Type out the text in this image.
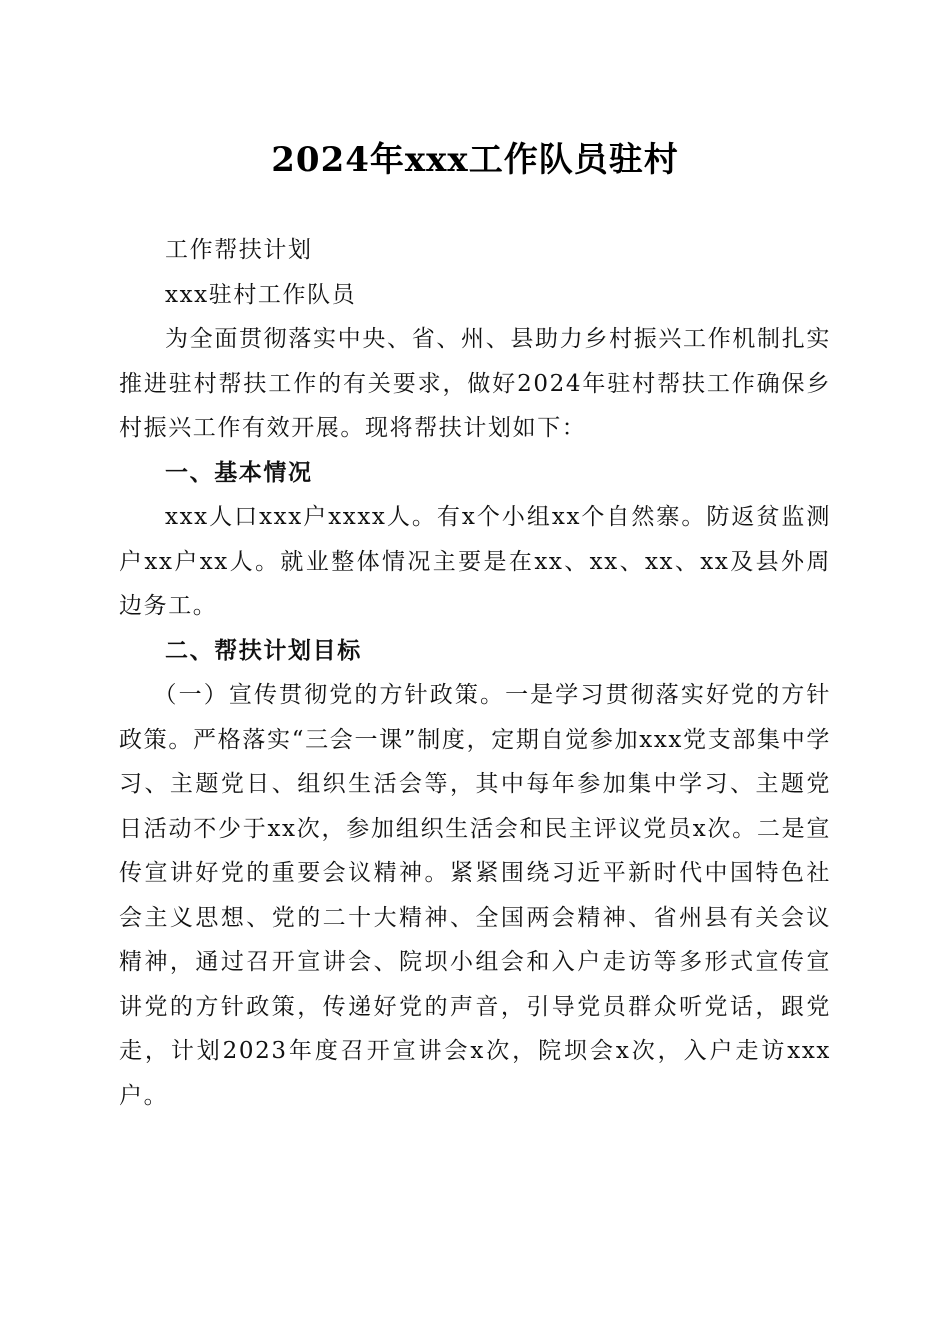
2024年xxx工作队员驻村

工作帮扶计划

xxx驻村工作队员

为全面贯彻落实中央、省、州、县助力乡村振兴工作机制扎实推进驻村帮扶工作的有关要求，做好2024年驻村帮扶工作确保乡村振兴工作有效开展。现将帮扶计划如下：

一、基本情况

xxx人口xxx户xxxx人。有x个小组xx个自然寨。防返贫监测户xx户xx人。就业整体情况主要是在xx、xx、xx、xx及县外周边务工。

二、帮扶计划目标

（一）宣传贯彻党的方针政策。一是学习贯彻落实好党的方针政策。严格落实“三会一课”制度，定期自觉参加xxx党支部集中学习、主题党日、组织生活会等，其中每年参加集中学习、主题党日活动不少于xx次，参加组织生活会和民主评议党员x次。二是宣传宣讲好党的重要会议精神。紧紧围绕习近平新时代中国特色社会主义思想、党的二十大精神、全国两会精神、省州县有关会议精神，通过召开宣讲会、院坝小组会和入户走访等多形式宣传宣讲党的方针政策，传递好党的声音，引导党员群众听党话，跟党走，计划2023年度召开宣讲会x次，院坝会x次，入户走访xxx户。
